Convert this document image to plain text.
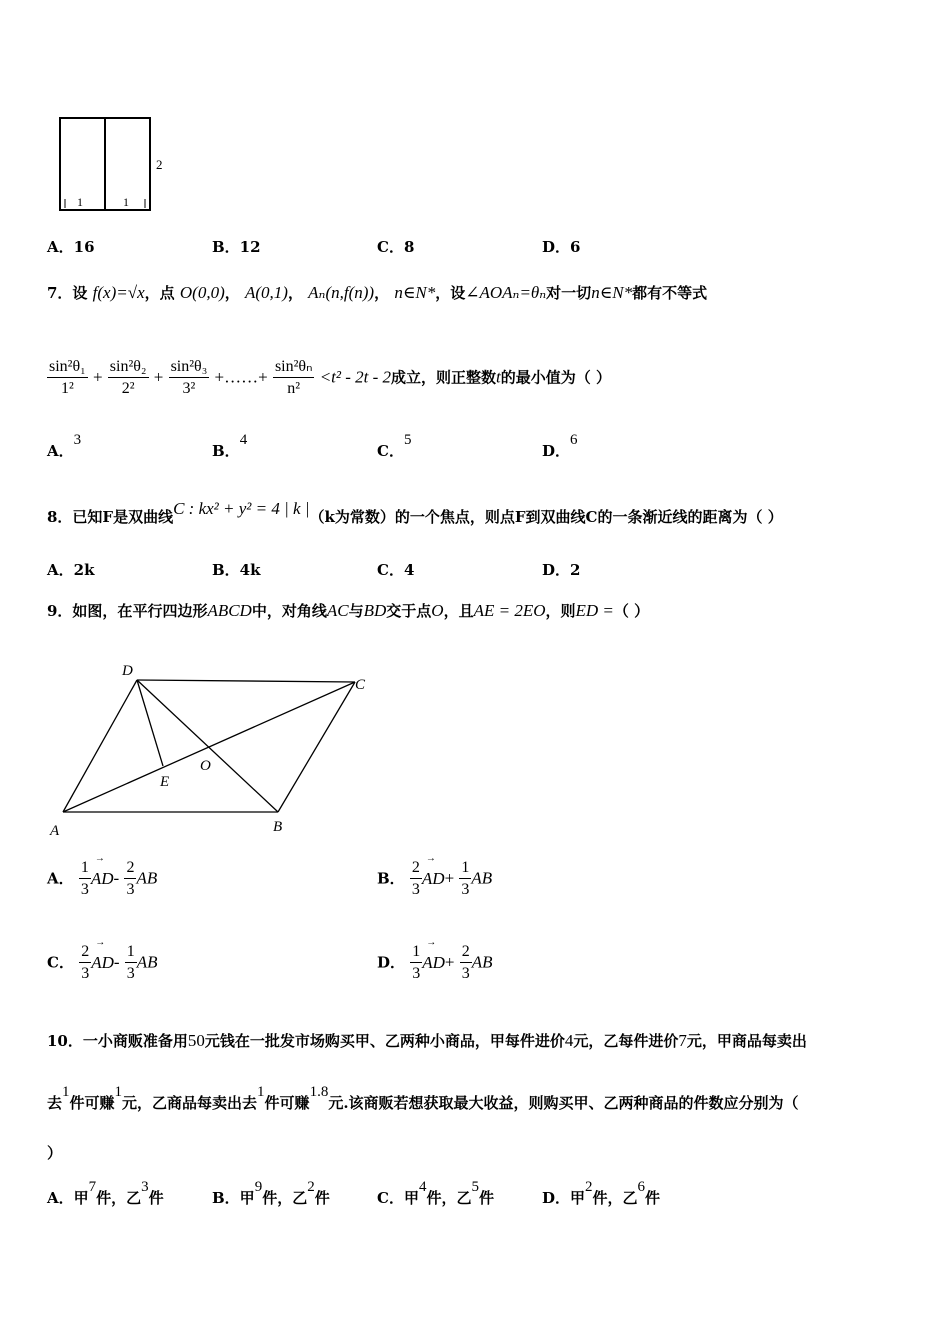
2
1	1
A．16	B．12	C．8	D．6
7．设 f(x)=√x，点 O(0,0)， A(0,1)， Aₙ(n,f(n))， n∈N*，设∠AOAₙ=θₙ对一切n∈N*都有不等式
$\frac{\text{sin²θ₁}}{\text{1²}} + \frac{\text{sin²θ₂}}{\text{2²}} + \frac{\text{sin²θ₃}}{\text{3²}}$ +……+ $\frac{\text{sin²θₙ}}{\text{n²}} <t^2 - 2t - 2$成立，则正整数t的最小值为（ ）
A．3
B．4
C．5
D．6
8．已知F是双曲线C : kx² + y² = 4 | k |（k为常数）的一个焦点，则点F到双曲线C的一条渐近线的距离为（ ）
A．2k	B．4k	C．4	D．2
9．如图，在平行四边形ABCD中，对角线AC与BD交于点O，且AE = 2EO，则ED =（ ）
A	B
C
D
E
O
A． $\frac{1}{3}$
→ $AD- \frac{2}{3}$ AB	B． $\frac{2}{3}$
→ $AD+ \frac{1}{3}$ AB
C． $\frac{2}{3}$
→ $AD- \frac{1}{3}$ AB	D． $\frac{1}{3}$
→ $AD+ \frac{2}{3}$ AB
10．一小商贩准备用50元钱在一批发市场购买甲、乙两种小商品，甲每件进价4元，乙每件进价7元，甲商品每卖出
去1件可赚1元，乙商品每卖出去1件可赚1.8元.该商贩若想获取最大收益，则购买甲、乙两种商品的件数应分别为（
）
A．甲7件，乙3件	B．甲9件，乙2件	C．甲4件，乙5件	D．甲2件，乙6件
